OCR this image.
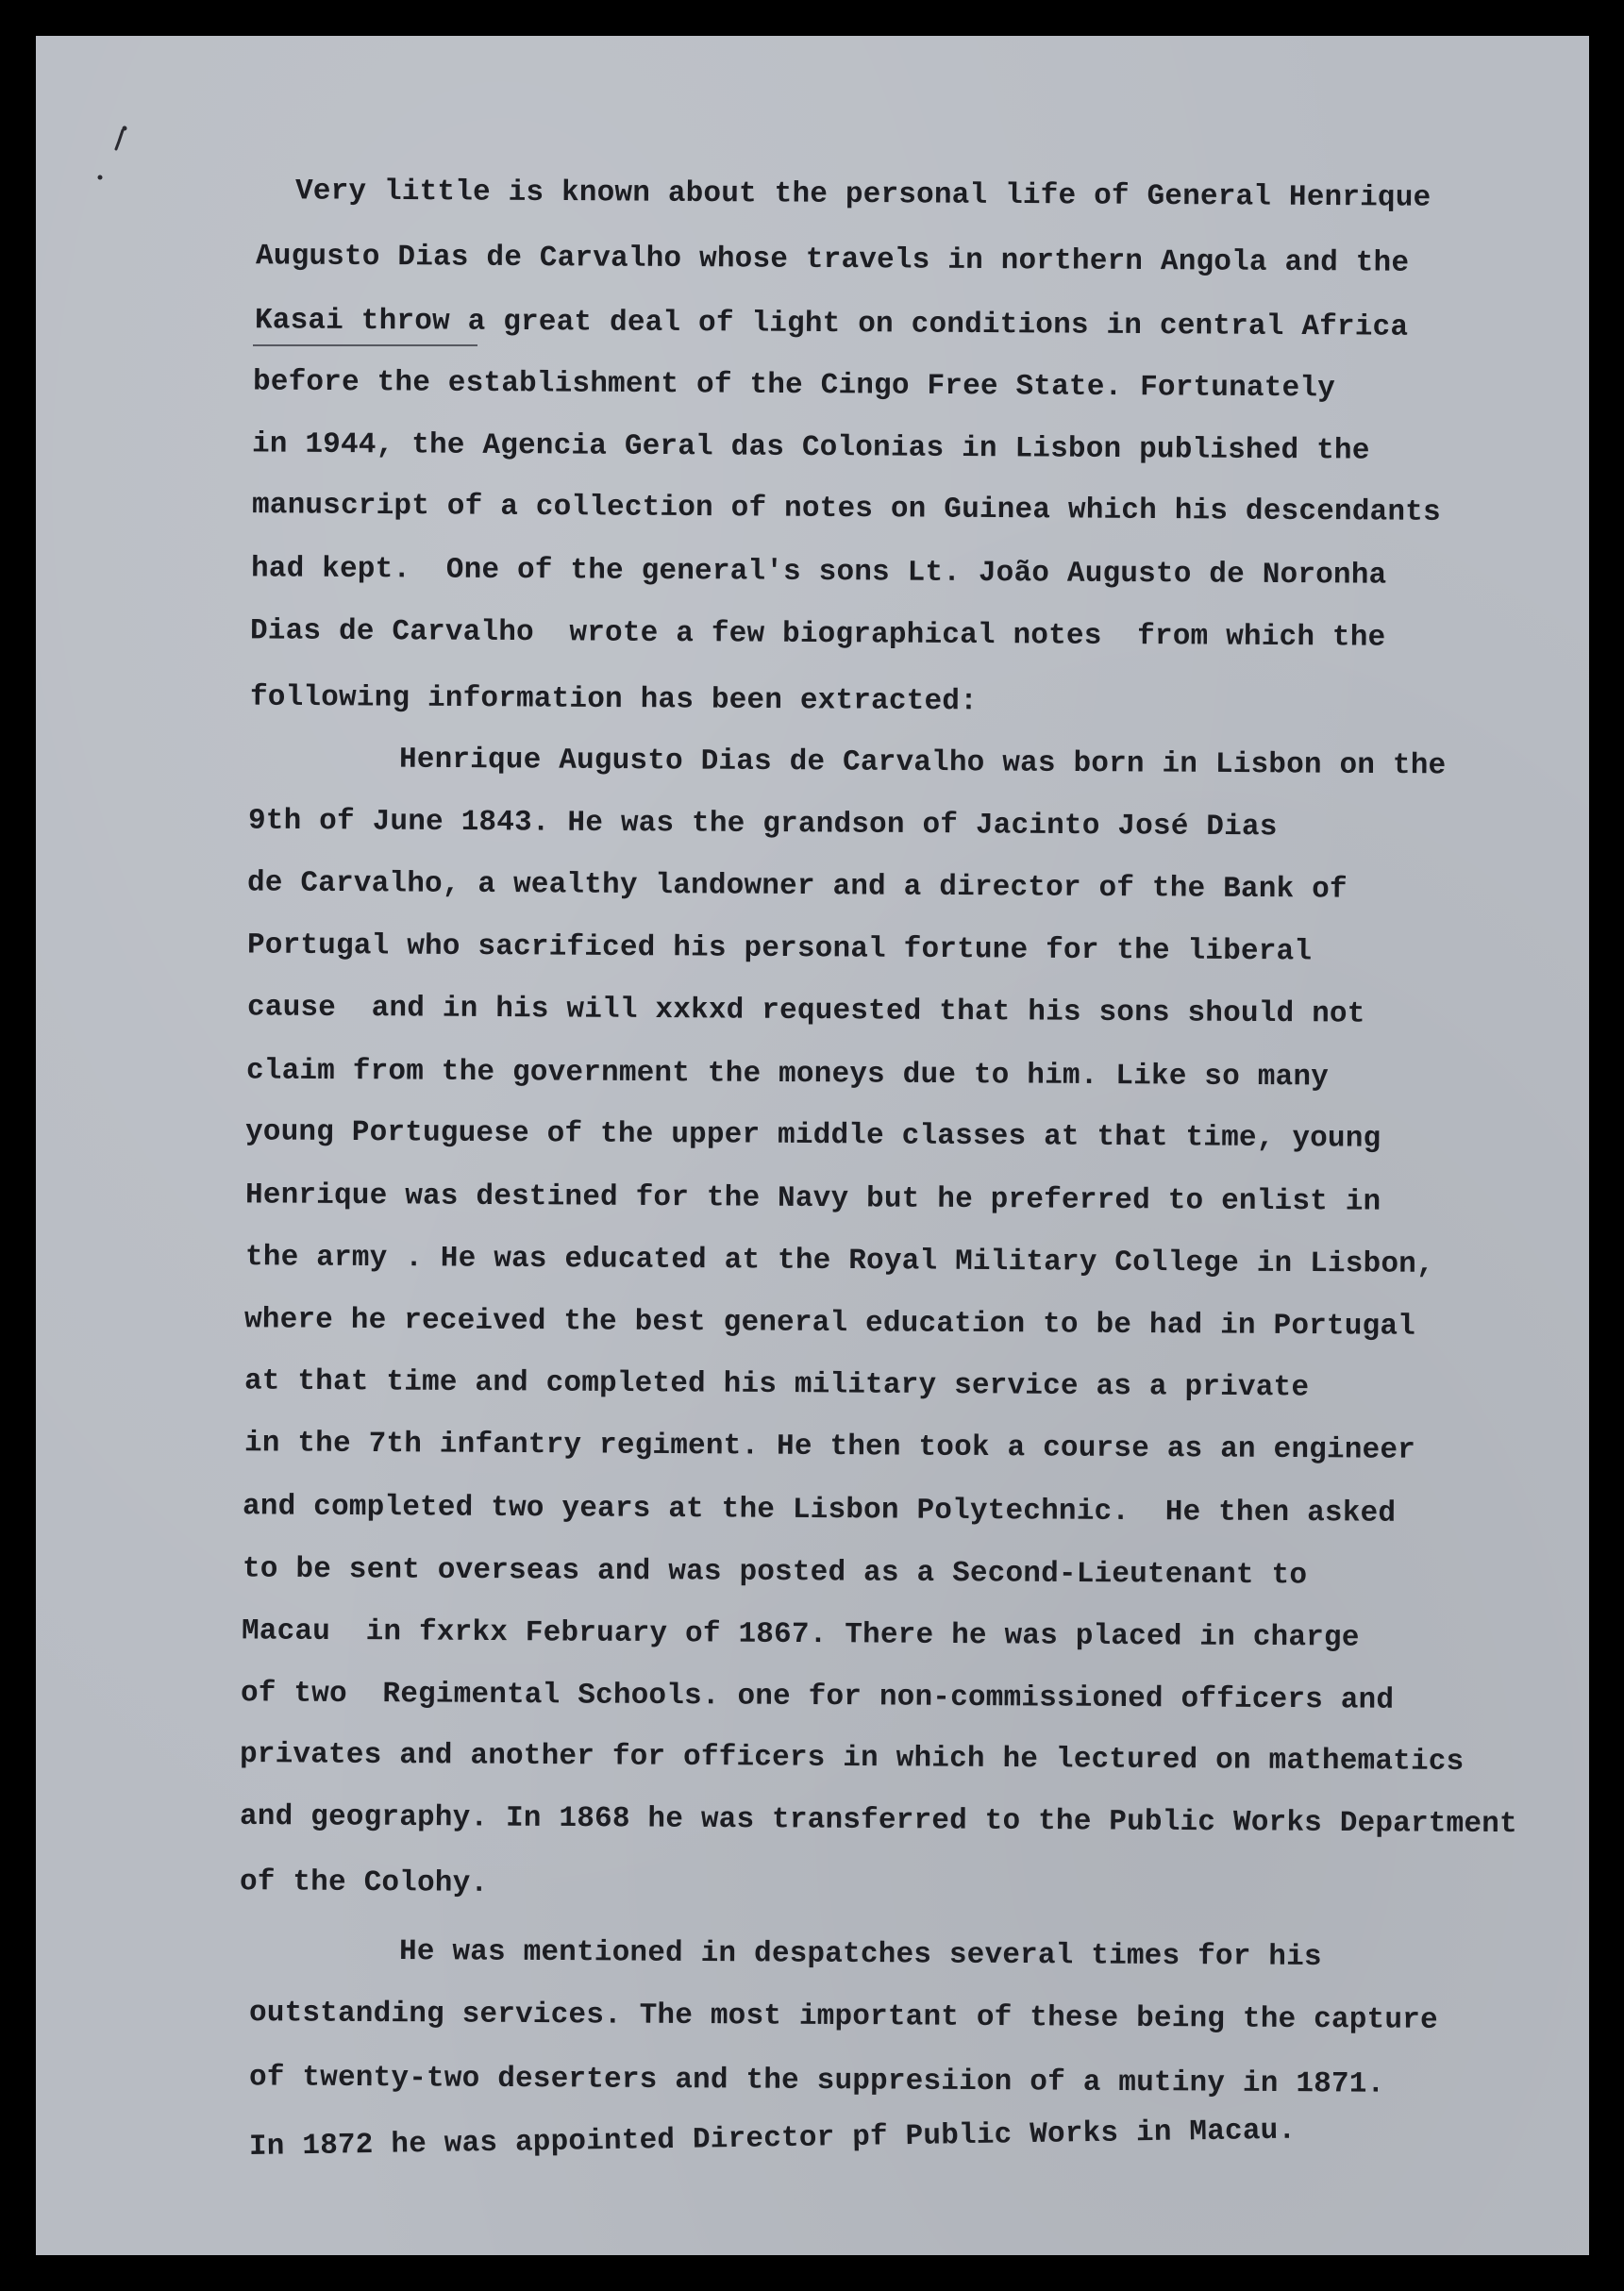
Very little is known about the personal life of General Henrique
Augusto Dias de Carvalho whose travels in northern Angola and the
Kasai throw a great deal of light on conditions in central Africa
before the establishment of the Cingo Free State. Fortunately
in 1944, the Agencia Geral das Colonias in Lisbon published the
manuscript of a collection of notes on Guinea which his descendants
had kept.  One of the general's sons Lt. João Augusto de Noronha
Dias de Carvalho  wrote a few biographical notes  from which the
following information has been extracted:
Henrique Augusto Dias de Carvalho was born in Lisbon on the
9th of June 1843. He was the grandson of Jacinto José Dias
de Carvalho, a wealthy landowner and a director of the Bank of
Portugal who sacrificed his personal fortune for the liberal
cause  and in his will xxkxd requested that his sons should not
claim from the government the moneys due to him. Like so many
young Portuguese of the upper middle classes at that time, young
Henrique was destined for the Navy but he preferred to enlist in
the army . He was educated at the Royal Military College in Lisbon,
where he received the best general education to be had in Portugal
at that time and completed his military service as a private
in the 7th infantry regiment. He then took a course as an engineer
and completed two years at the Lisbon Polytechnic.  He then asked
to be sent overseas and was posted as a Second-Lieutenant to
Macau  in fxrkx February of 1867. There he was placed in charge
of two  Regimental Schools. one for non-commissioned officers and
privates and another for officers in which he lectured on mathematics
and geography. In 1868 he was transferred to the Public Works Department
of the Colohy.
He was mentioned in despatches several times for his
outstanding services. The most important of these being the capture
of twenty-two deserters and the suppresiion of a mutiny in 1871.
In 1872 he was appointed Director pf Public Works in Macau.
